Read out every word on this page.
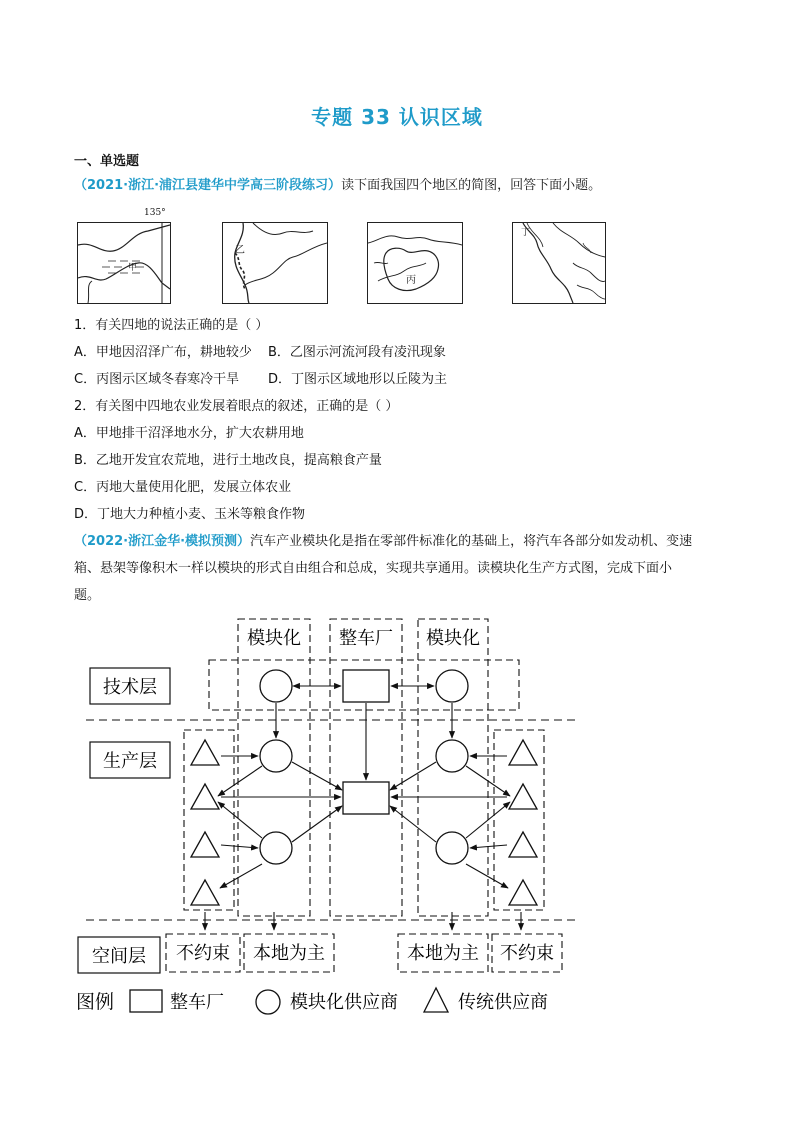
专题 33 认识区域
一、单选题
（2021·浙江·浦江县建华中学高三阶段练习）读下面我国四个地区的简图，回答下面小题。
甲
135°
乙
丙
丁
1．有关四地的说法正确的是（ ）
A．甲地因沼泽广布，耕地较少 B．乙图示河流河段有凌汛现象
C．丙图示区域冬春寒冷干旱 D．丁图示区域地形以丘陵为主
2．有关图中四地农业发展着眼点的叙述，正确的是（ ）
A．甲地排干沼泽地水分，扩大农耕用地
B．乙地开发宜农荒地，进行土地改良，提高粮食产量
C．丙地大量使用化肥，发展立体农业
D．丁地大力种植小麦、玉米等粮食作物
（2022·浙江金华·模拟预测）汽车产业模块化是指在零部件标准化的基础上，将汽车各部分如发动机、变速
箱、悬架等像积木一样以模块的形式自由组合和总成，实现共享通用。读模块化生产方式图，完成下面小
题。
模块化 整车厂 模块化
技术层
生产层
空间层 不约束 本地为主	本地为主 不约束
图例	整车厂	模块化供应商	传统供应商
